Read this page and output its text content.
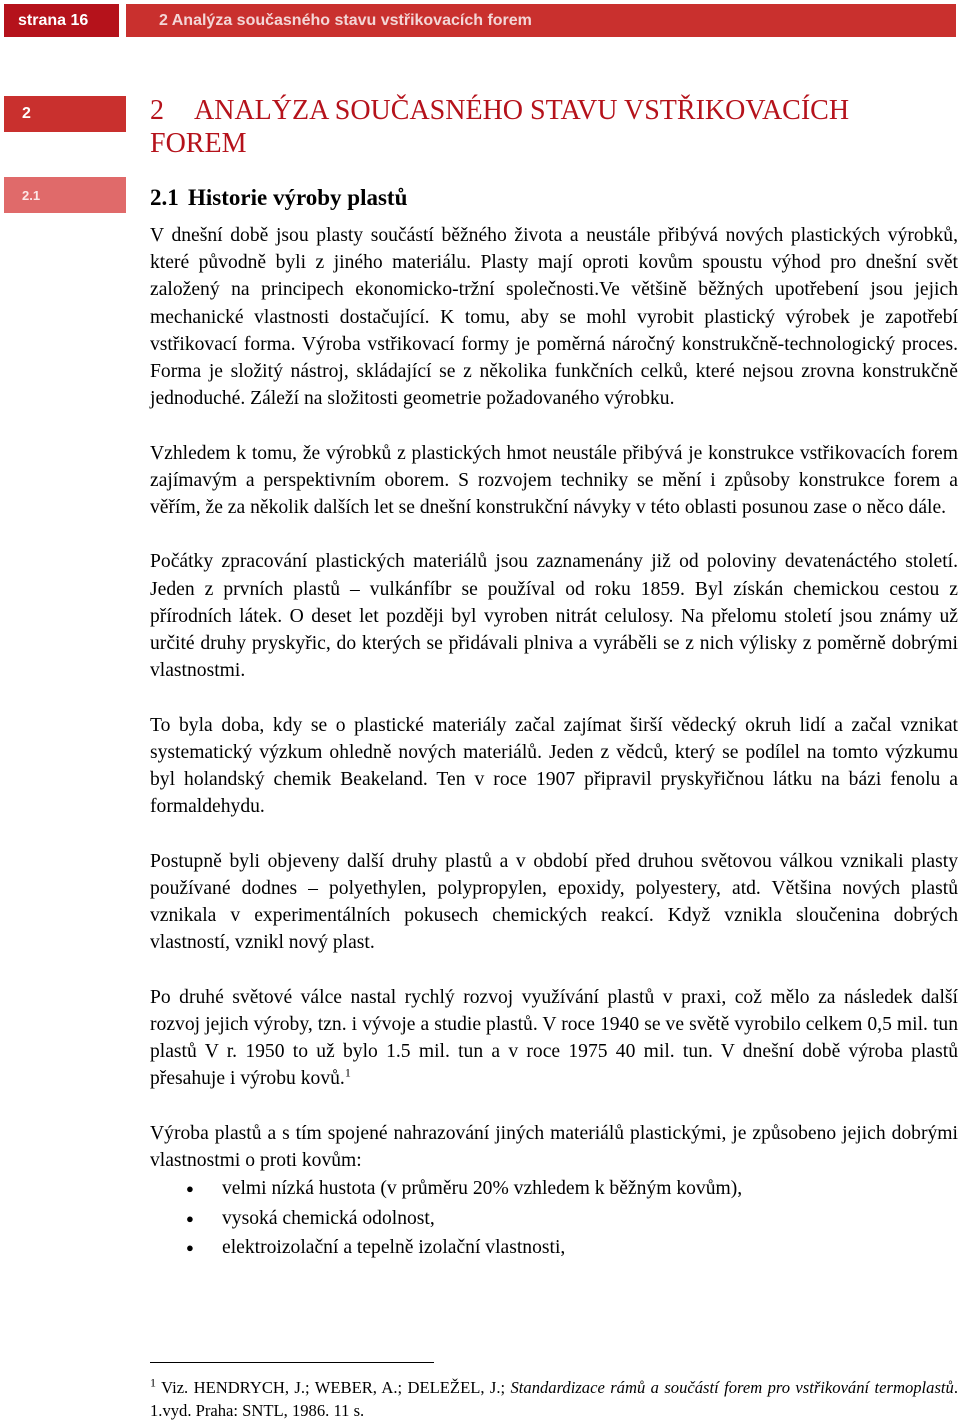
strana 16	2 Analýza současného stavu vstřikovacích forem
2
2.1
2 ANALÝZA SOUČASNÉHO STAVU VSTŘIKOVACÍCH FOREM
2.1 Historie výroby plastů

V dnešní době jsou plasty součástí běžného života a neustále přibývá nových plastických výrobků, které původně byli z jiného materiálu. Plasty mají oproti kovům spoustu výhod pro dnešní svět založený na principech ekonomicko-tržní společnosti.Ve většině běžných upotřebení jsou jejich mechanické vlastnosti dostačující. K tomu, aby se mohl vyrobit plastický výrobek je zapotřebí vstřikovací forma. Výroba vstřikovací formy je poměrná náročný konstrukčně-technologický proces. Forma je složitý nástroj, skládající se z několika funkčních celků, které nejsou zrovna konstrukčně jednoduché. Záleží na složitosti geometrie požadovaného výrobku.

Vzhledem k tomu, že výrobků z plastických hmot neustále přibývá je konstrukce vstřikovacích forem zajímavým a perspektivním oborem. S rozvojem techniky se mění i způsoby konstrukce forem a věřím, že za několik dalších let se dnešní konstrukční návyky v této oblasti posunou zase o něco dále.

Počátky zpracování plastických materiálů jsou zaznamenány již od poloviny devatenáctého století. Jeden z prvních plastů – vulkánfíbr se používal od roku 1859. Byl získán chemickou cestou z přírodních látek. O deset let později byl vyroben nitrát celulosy. Na přelomu století jsou známy už určité druhy pryskyřic, do kterých se přidávali plniva a vyráběli se z nich výlisky z poměrně dobrými vlastnostmi.

To byla doba, kdy se o plastické materiály začal zajímat širší vědecký okruh lidí a začal vznikat systematický výzkum ohledně nových materiálů. Jeden z vědců, který se podílel na tomto výzkumu byl holandský chemik Beakeland. Ten v roce 1907 připravil pryskyřičnou látku na bázi fenolu a formaldehydu.

Postupně byli objeveny další druhy plastů a v období před druhou světovou válkou vznikali plasty používané dodnes – polyethylen, polypropylen, epoxidy, polyestery, atd. Většina nových plastů vznikala v experimentálních pokusech chemických reakcí. Když vznikla sloučenina dobrých vlastností, vznikl nový plast.

Po druhé světové válce nastal rychlý rozvoj využívání plastů v praxi, což mělo za následek další rozvoj jejich výroby, tzn. i vývoje a studie plastů. V roce 1940 se ve světě vyrobilo celkem 0,5 mil. tun plastů V r. 1950 to už bylo 1.5 mil. tun a v roce 1975 40 mil. tun. V dnešní době výroba plastů přesahuje i výrobu kovů.$^1$

Výroba plastů a s tím spojené nahrazování jiných materiálů plastickými, je způsobeno jejich dobrými vlastnostmi o proti kovům:

● velmi nízká hustota (v průměru 20% vzhledem k běžným kovům),
● vysoká chemická odolnost,
● elektroizolační a tepelně izolační vlastnosti,
$^1$ Viz. HENDRYCH, J.; WEBER, A.; DELEŽEL, J.; Standardizace rámů a součástí forem pro vstřikování termoplastů. 1.vyd. Praha: SNTL, 1986. 11 s.
